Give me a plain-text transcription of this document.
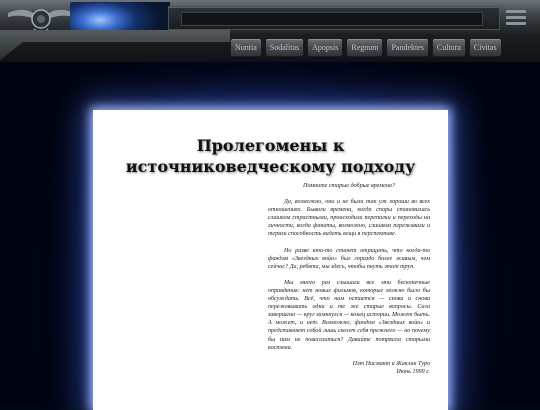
Nuntia	Sodalitas	Apopsis	Regnum	Pandektes	Cultura	Civitas
Пролегомены к источниковедческому подходу

Помните старые добрые времена?

Да, возможно, они и не были так уж хороши во всех отношениях. Бывали времена, когда споры становились слишком страстными, происходили перепалки и переходы на личности, когда фанаты, возможно, слишком переживали и теряли способность видеть вещи в перспективе.

Но разве кто-то станет отрицать, что когда-то фандом «Звездных войн» был гораздо более живым, чем сейчас? Да, ребята, мы здесь, чтобы пнуть этот труп.

Мы много раз слышали все эти бесконечные оправдания: нет новых фильмов, которые можно было бы обсуждать. Всё, что нам остается — снова и снова пережевывать одни и те же старые вопросы. Сага завершена — круг замкнулся — конец истории. Может быть. А может, и нет. Возможно, фандом «Звездных войн» и представляет собой лишь скелет себя прежнего — но почему бы нам не повеселиться? Давайте потрясем старыми костями.

Пэт Нисмант и Жаклин Туро
Июнь 1999 г.
